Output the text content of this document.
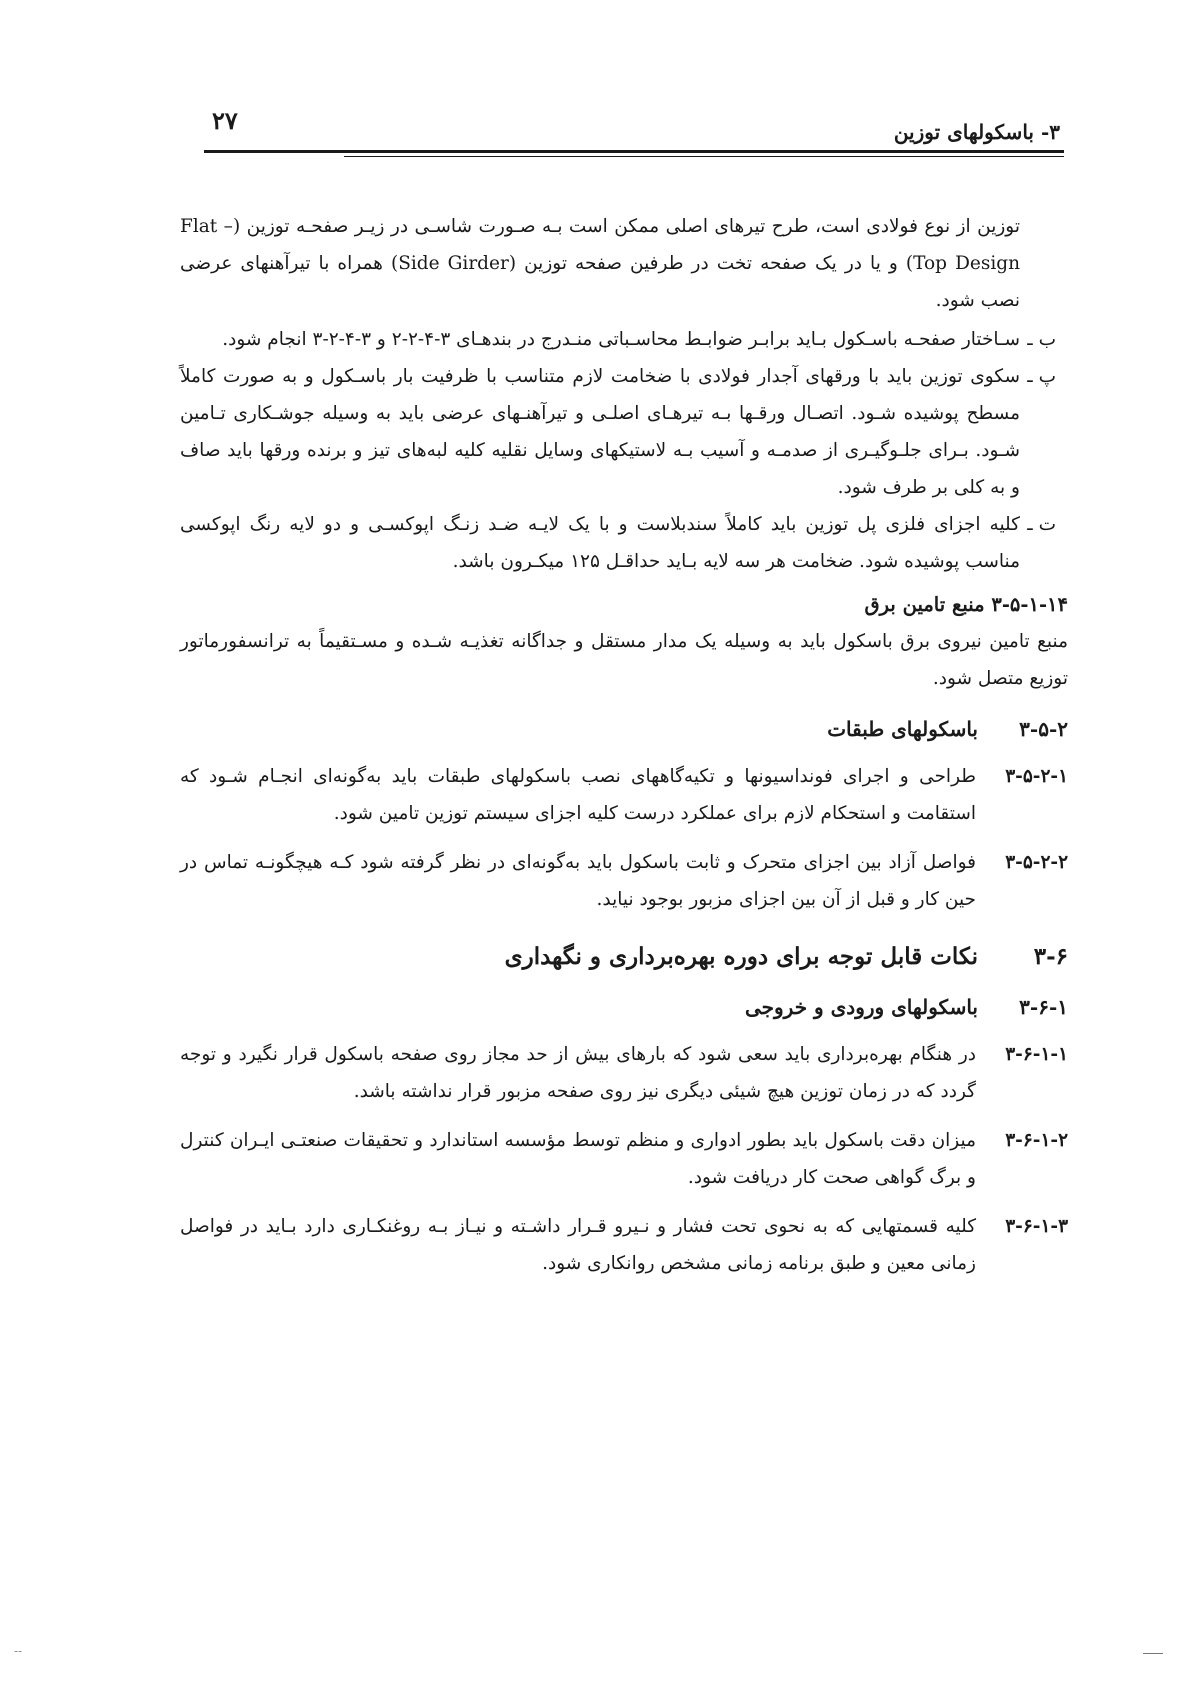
۲۷	۳- باسکولهای توزین

توزین از نوع فولادی است، طرح تیرهای اصلی ممکن است بـه صـورت شاسـی در زیـر صفحـه توزین (Flat – Top Design) و یا در یک صفحه تخت در طرفین صفحه توزین (Side Girder) همراه با تیرآهنهای عرضی نصب شود.

ب ـ
سـاختار صفحـه باسـکول بـاید برابـر ضوابـط محاسـباتی منـدرج در بندهـای ۳-۴-۲-۲ و ۳-۴-۲-۳ انجام شود.
پ ـ
سکوی توزین باید با ورقهای آجدار فولادی با ضخامت لازم متناسب با ظرفیت بار باسـکول و به صورت کاملاً مسطح پوشیده شـود. اتصـال ورقـها بـه تیرهـای اصلـی و تیرآهنـهای عرضی باید به وسیله جوشـکاری تـامین شـود. بـرای جلـوگیـری از صدمـه و آسیب بـه لاستیکهای وسایل نقلیه کلیه لبه‌های تیز و برنده ورقها باید صاف و به کلی بر طرف شود.
ت ـ
کلیه اجزای فلزی پل توزین باید کاملاً سندبلاست و با یک لایـه ضـد زنـگ اپوکسـی و دو لایه رنگ اپوکسی مناسب پوشیده شود. ضخامت هر سه لایه بـاید حداقـل ۱۲۵ میکـرون باشد.
۳-۵-۱-۱۴ منبع تامین برق

منبع تامین نیروی برق باسکول باید به وسیله یک مدار مستقل و جداگانه تغذیـه شـده و مسـتقیماً به ترانسفورماتور توزیع متصل شود.

۳-۵-۲
باسکولهای طبقات
۳-۵-۲-۱
طراحی و اجرای فونداسیونها و تکیه‌گاههای نصب باسکولهای طبقات باید به‌گونه‌ای انجـام شـود که استقامت و استحکام لازم برای عملکرد درست کلیه اجزای سیستم توزین تامین شود.
۳-۵-۲-۲
فواصل آزاد بین اجزای متحرک و ثابت باسکول باید به‌گونه‌ای در نظر گرفته شود کـه هیچگونـه تماس در حین کار و قبل از آن بین اجزای مزبور بوجود نیاید.
۳-۶
نکات قابل توجه برای دوره بهره‌برداری و نگهداری
۳-۶-۱
باسکولهای ورودی و خروجی
۳-۶-۱-۱
در هنگام بهره‌برداری باید سعی شود که بارهای بیش از حد مجاز روی صفحه باسکول قرار نگیرد و توجه گردد که در زمان توزین هیچ شیئی دیگری نیز روی صفحه مزبور قرار نداشته باشد.
۳-۶-۱-۲
میزان دقت باسکول باید بطور ادواری و منظم توسط مؤسسه استاندارد و تحقیقات صنعتـی ایـران کنترل و برگ گواهی صحت کار دریافت شود.
۳-۶-۱-۳
کلیه قسمتهایی که به نحوی تحت فشار و نـیرو قـرار داشـته و نیـاز بـه روغنکـاری دارد بـاید در فواصل زمانی معین و طبق برنامه زمانی مشخص روانکاری شود.
--
